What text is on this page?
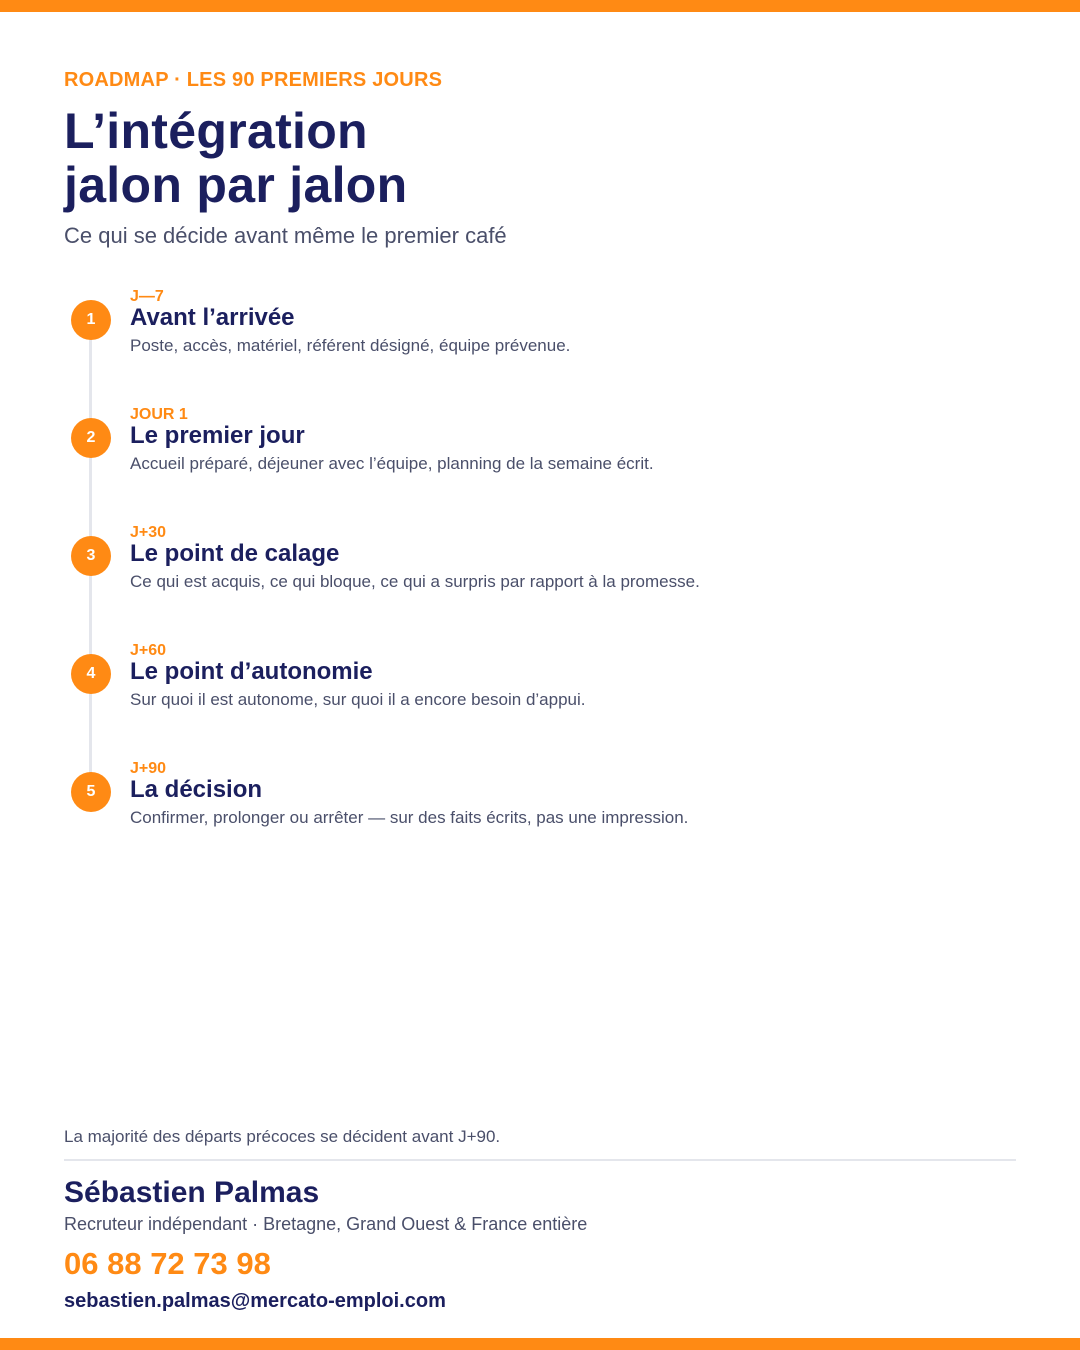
ROADMAP · LES 90 PREMIERS JOURS
L’intégration
jalon par jalon
Ce qui se décide avant même le premier café
1
J—7
Avant l’arrivée
Poste, accès, matériel, référent désigné, équipe prévenue.
2
JOUR 1
Le premier jour
Accueil préparé, déjeuner avec l’équipe, planning de la semaine écrit.
3
J+30
Le point de calage
Ce qui est acquis, ce qui bloque, ce qui a surpris par rapport à la promesse.
4
J+60
Le point d’autonomie
Sur quoi il est autonome, sur quoi il a encore besoin d’appui.
5
J+90
La décision
Confirmer, prolonger ou arrêter — sur des faits écrits, pas une impression.
La majorité des départs précoces se décident avant J+90.
Sébastien Palmas
Recruteur indépendant · Bretagne, Grand Ouest & France entière
06 88 72 73 98
sebastien.palmas@mercato-emploi.com
